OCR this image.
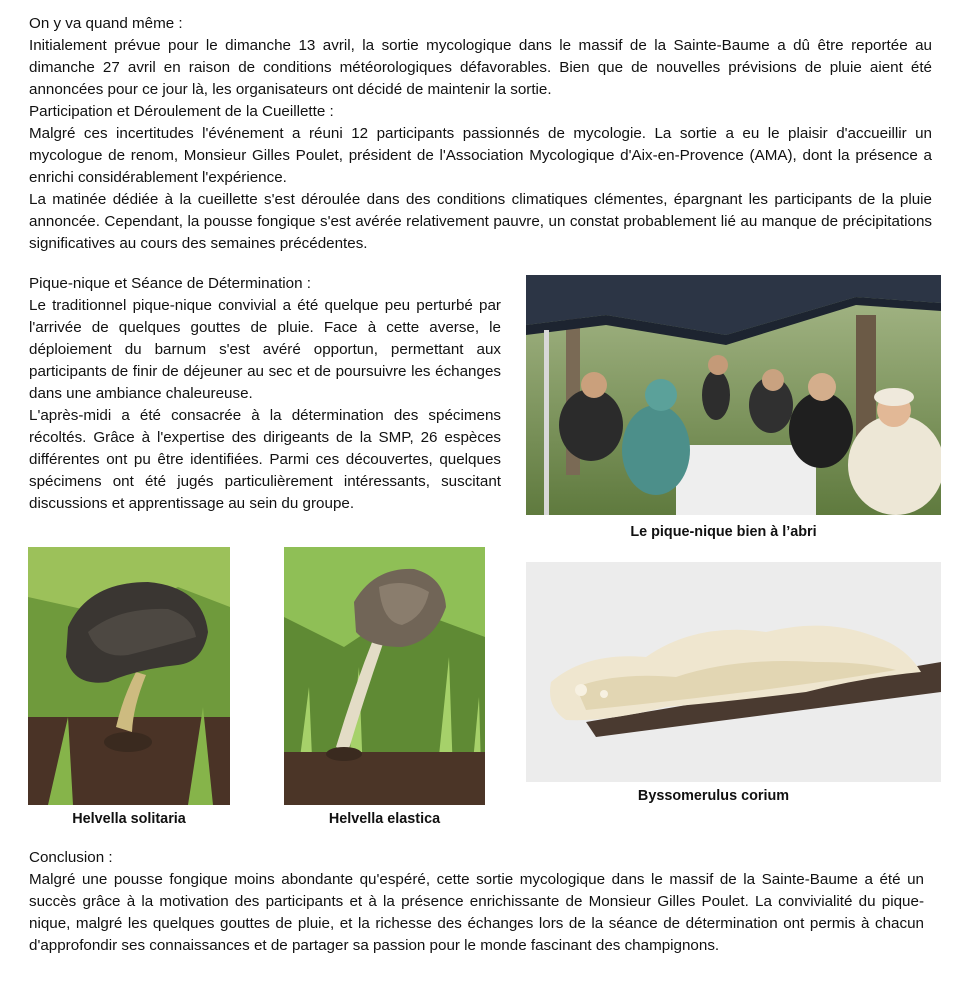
On y va quand même :

Initialement prévue pour le dimanche 13 avril, la sortie mycologique dans le massif de la Sainte-Baume a dû être reportée au dimanche 27 avril en raison de conditions météorologiques défavorables. Bien que de nouvelles prévisions de pluie aient été annoncées pour ce jour là, les organisateurs ont décidé de maintenir la sortie.

Participation et Déroulement de la Cueillette :

Malgré ces incertitudes l'événement a réuni 12 participants passionnés de mycologie. La sortie a eu le plaisir d'accueillir un mycologue de renom, Monsieur Gilles Poulet, président de l'Association Mycologique d'Aix-en-Provence (AMA), dont la présence a enrichi considérablement l'expérience.

La matinée dédiée à la cueillette s'est déroulée dans des conditions climatiques clémentes, épargnant les participants de la pluie annoncée. Cependant, la pousse fongique s'est avérée relativement pauvre, un constat probablement lié au manque de précipitations significatives au cours des semaines précédentes.

Pique-nique et Séance de Détermination :

Le traditionnel pique-nique convivial a été quelque peu perturbé par l'arrivée de quelques gouttes de pluie. Face à cette averse, le déploiement du barnum s'est avéré opportun, permettant aux participants de finir de déjeuner au sec et de poursuivre les échanges dans une ambiance chaleureuse.

L'après-midi a été consacrée à la détermination des spécimens récoltés. Grâce à l'expertise des dirigeants de la SMP, 26 espèces différentes ont pu être identifiées. Parmi ces découvertes, quelques spécimens ont été jugés particulièrement intéressants, suscitant discussions et apprentissage au sein du groupe.

Le pique-nique bien à l’abri
Helvella solitaria	Helvella elastica
Byssomerulus corium
Conclusion :

Malgré une pousse fongique moins abondante qu'espéré, cette sortie mycologique dans le massif de la Sainte-Baume a été un succès grâce à la motivation des participants et à la présence enrichissante de Monsieur Gilles Poulet. La convivialité du pique-nique, malgré les quelques gouttes de pluie, et la richesse des échanges lors de la séance de détermination ont permis à chacun d'approfondir ses connaissances et de partager sa passion pour le monde fascinant des champignons.
